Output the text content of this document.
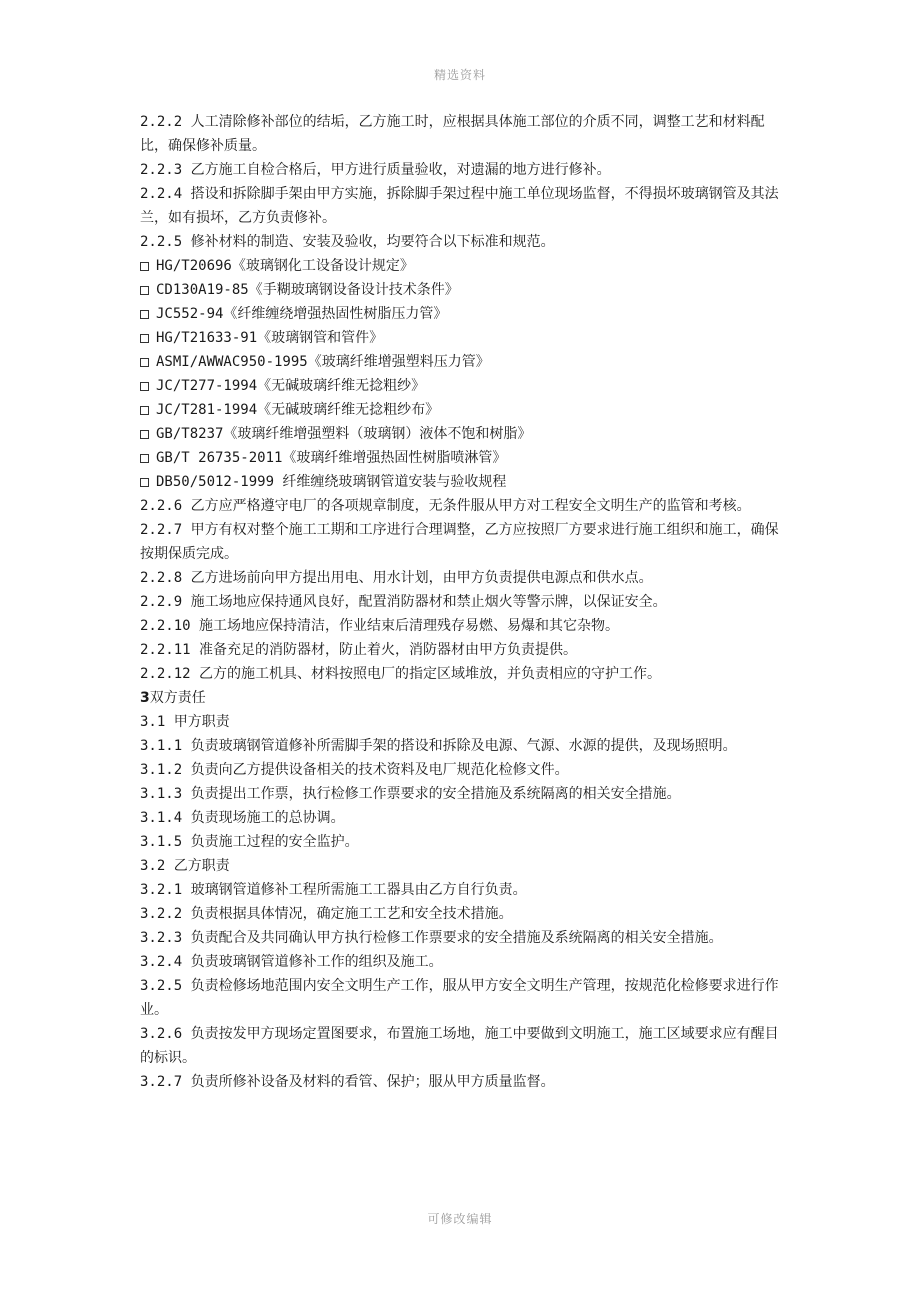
精选资料

2.2.2 人工清除修补部位的结垢，乙方施工时，应根据具体施工部位的介质不同，调整工艺和材料配比，确保修补质量。

2.2.3 乙方施工自检合格后，甲方进行质量验收，对遗漏的地方进行修补。

2.2.4 搭设和拆除脚手架由甲方实施，拆除脚手架过程中施工单位现场监督，不得损坏玻璃钢管及其法兰，如有损坏，乙方负责修补。

2.2.5 修补材料的制造、安装及验收，均要符合以下标准和规范。

HG/T20696《玻璃钢化工设备设计规定》

CD130A19-85《手糊玻璃钢设备设计技术条件》

JC552-94《纤维缠绕增强热固性树脂压力管》

HG/T21633-91《玻璃钢管和管件》

ASMI/AWWAC950-1995《玻璃纤维增强塑料压力管》

JC/T277-1994《无碱玻璃纤维无捻粗纱》

JC/T281-1994《无碱玻璃纤维无捻粗纱布》

GB/T8237《玻璃纤维增强塑料（玻璃钢）液体不饱和树脂》

GB/T 26735-2011《玻璃纤维增强热固性树脂喷淋管》

DB50/5012-1999 纤维缠绕玻璃钢管道安装与验收规程

2.2.6 乙方应严格遵守电厂的各项规章制度，无条件服从甲方对工程安全文明生产的监管和考核。

2.2.7 甲方有权对整个施工工期和工序进行合理调整，乙方应按照厂方要求进行施工组织和施工，确保按期保质完成。

2.2.8 乙方进场前向甲方提出用电、用水计划，由甲方负责提供电源点和供水点。

2.2.9 施工场地应保持通风良好，配置消防器材和禁止烟火等警示牌，以保证安全。

2.2.10 施工场地应保持清洁，作业结束后清理残存易燃、易爆和其它杂物。

2.2.11 准备充足的消防器材，防止着火，消防器材由甲方负责提供。

2.2.12 乙方的施工机具、材料按照电厂的指定区域堆放，并负责相应的守护工作。

3双方责任

3.1 甲方职责

3.1.1 负责玻璃钢管道修补所需脚手架的搭设和拆除及电源、气源、水源的提供，及现场照明。

3.1.2 负责向乙方提供设备相关的技术资料及电厂规范化检修文件。

3.1.3 负责提出工作票，执行检修工作票要求的安全措施及系统隔离的相关安全措施。

3.1.4 负责现场施工的总协调。

3.1.5 负责施工过程的安全监护。

3.2 乙方职责

3.2.1 玻璃钢管道修补工程所需施工工器具由乙方自行负责。

3.2.2 负责根据具体情况，确定施工工艺和安全技术措施。

3.2.3 负责配合及共同确认甲方执行检修工作票要求的安全措施及系统隔离的相关安全措施。

3.2.4 负责玻璃钢管道修补工作的组织及施工。

3.2.5 负责检修场地范围内安全文明生产工作，服从甲方安全文明生产管理，按规范化检修要求进行作业。

3.2.6 负责按发甲方现场定置图要求，布置施工场地，施工中要做到文明施工，施工区域要求应有醒目的标识。

3.2.7 负责所修补设备及材料的看管、保护；服从甲方质量监督。

可修改编辑
